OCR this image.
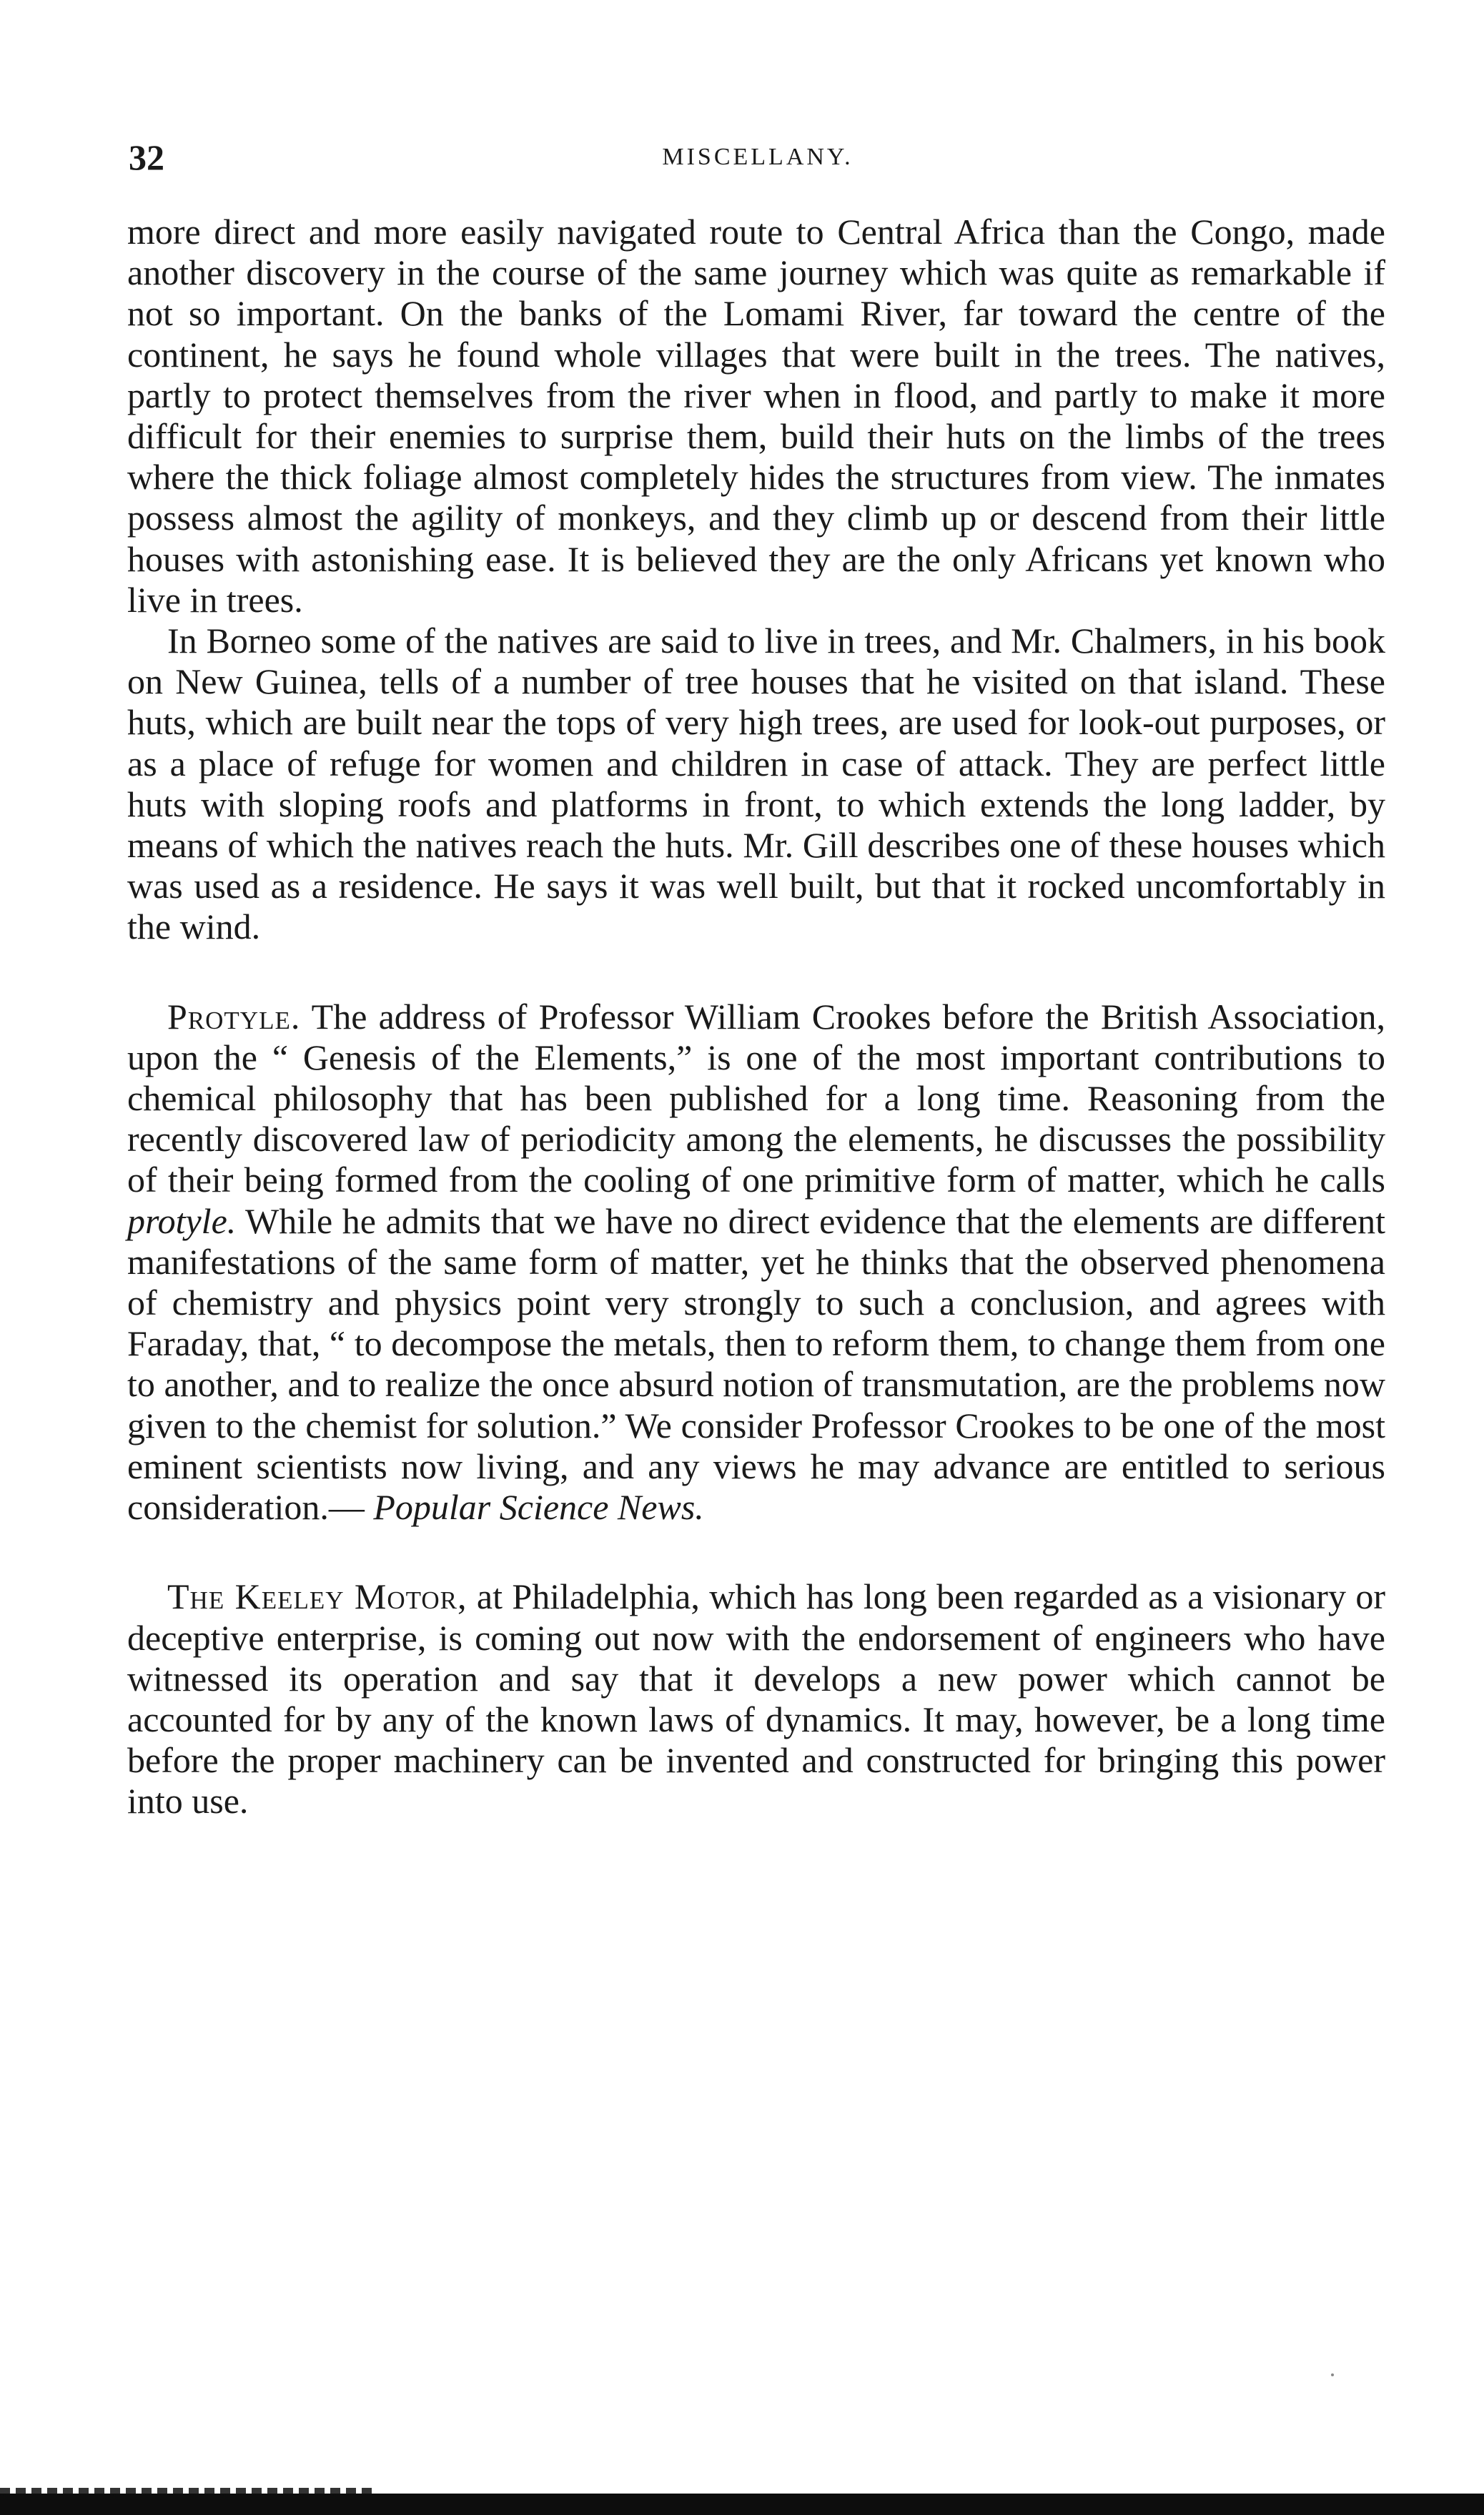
32	MISCELLANY.

more direct and more easily navigated route to Central Africa than the Congo, made another discovery in the course of the same journey which was quite as remarkable if not so important. On the banks of the Lomami River, far toward the centre of the continent, he says he found whole villages that were built in the trees. The natives, partly to protect themselves from the river when in flood, and partly to make it more difficult for their enemies to surprise them, build their huts on the limbs of the trees where the thick foliage almost completely hides the structures from view. The inmates possess almost the agility of monkeys, and they climb up or descend from their little houses with astonishing ease. It is believed they are the only Africans yet known who live in trees.

In Borneo some of the natives are said to live in trees, and Mr. Chalmers, in his book on New Guinea, tells of a number of tree houses that he visited on that island. These huts, which are built near the tops of very high trees, are used for look-out purposes, or as a place of refuge for women and children in case of attack. They are perfect little huts with sloping roofs and platforms in front, to which extends the long ladder, by means of which the natives reach the huts. Mr. Gill describes one of these houses which was used as a residence. He says it was well built, but that it rocked uncomfortably in the wind.

Protyle. The address of Professor William Crookes before the British Association, upon the “ Genesis of the Elements,” is one of the most important contributions to chemical philosophy that has been published for a long time. Reasoning from the recently discovered law of periodicity among the elements, he discusses the possibility of their being formed from the cooling of one primitive form of matter, which he calls protyle. While he admits that we have no direct evidence that the elements are different manifestations of the same form of matter, yet he thinks that the observed phenomena of chemistry and physics point very strongly to such a conclusion, and agrees with Faraday, that, “ to decompose the metals, then to reform them, to change them from one to another, and to realize the once absurd notion of transmutation, are the problems now given to the chemist for solution.” We consider Professor Crookes to be one of the most eminent scientists now living, and any views he may advance are entitled to serious consideration.— Popular Science News.

The Keeley Motor, at Philadelphia, which has long been regarded as a visionary or deceptive enterprise, is coming out now with the endorsement of engineers who have witnessed its operation and say that it develops a new power which cannot be accounted for by any of the known laws of dynamics. It may, however, be a long time before the proper machinery can be invented and constructed for bringing this power into use.
